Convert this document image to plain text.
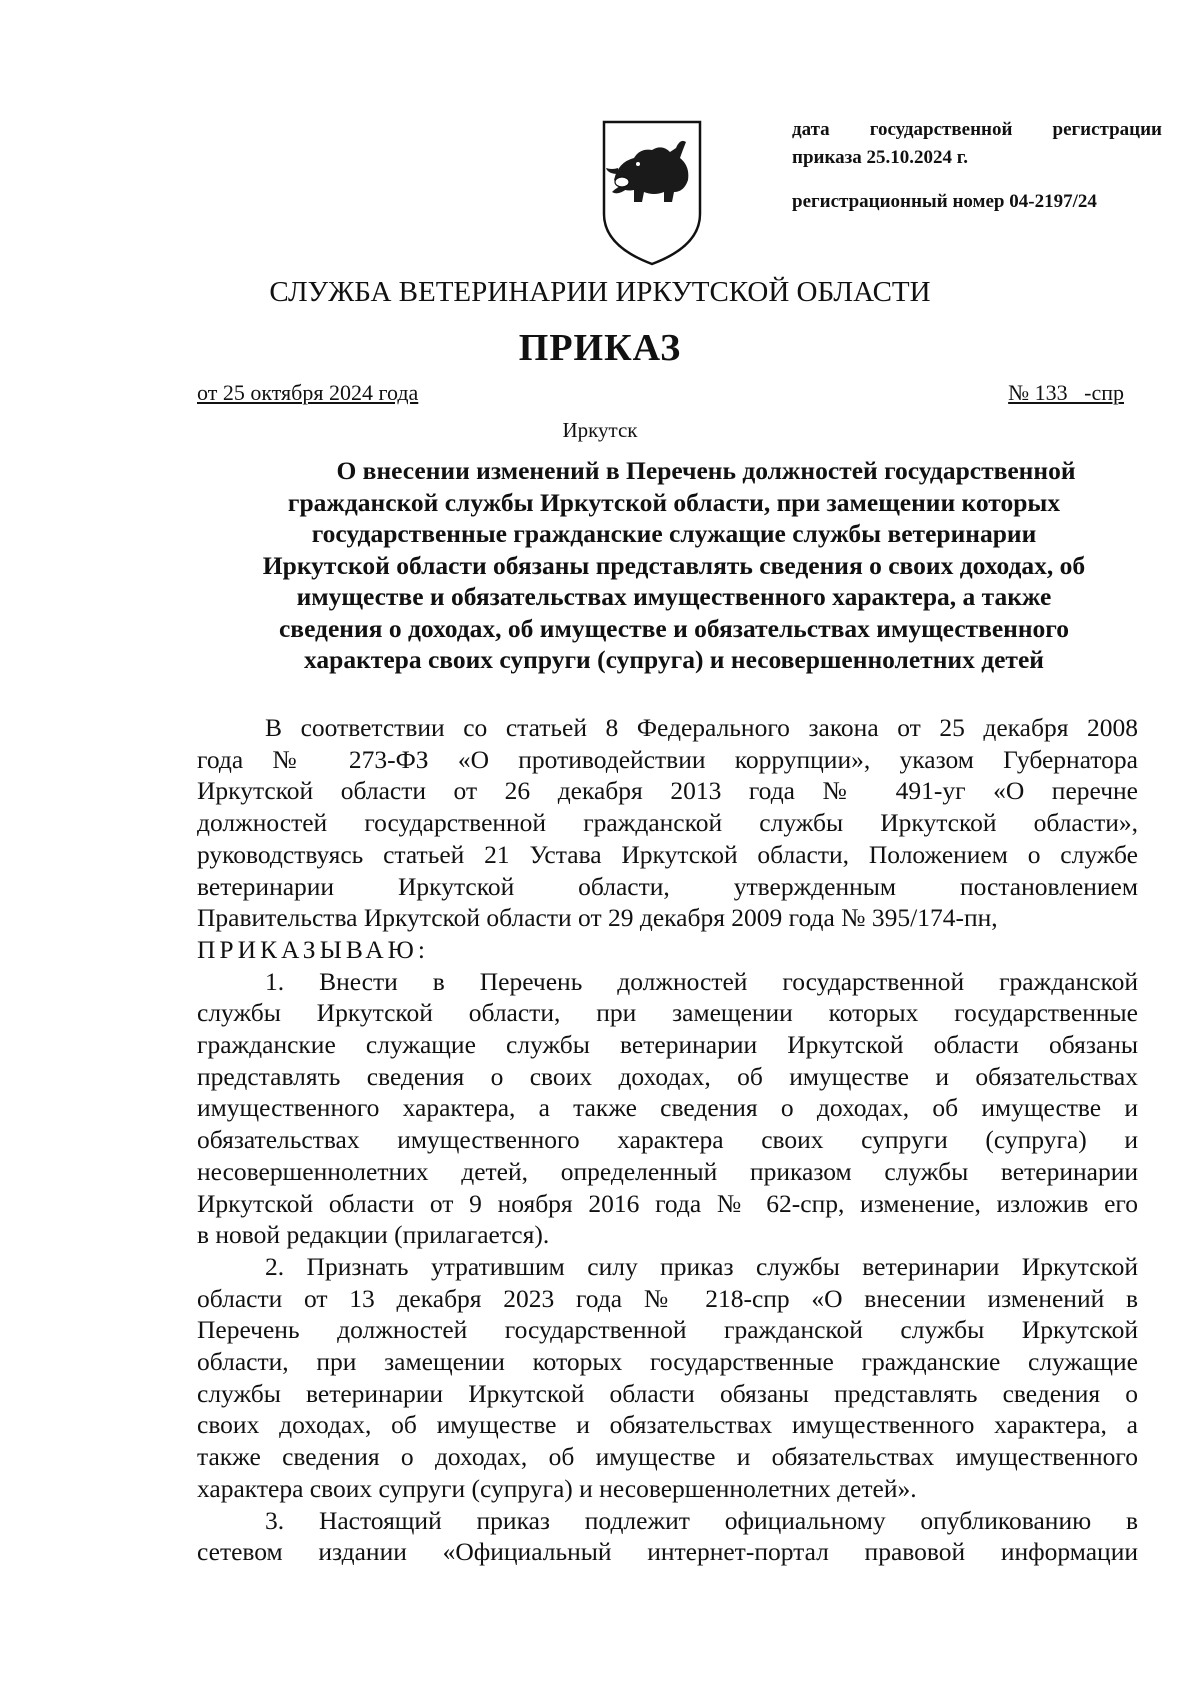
дата государственной регистрации
приказа 25.10.2024 г.
регистрационный номер 04-2197/24
СЛУЖБА ВЕТЕРИНАРИИ ИРКУТСКОЙ ОБЛАСТИ
ПРИКАЗ
от 25 октября 2024 года	№ 133   -спр
Иркутск
О внесении изменений в Перечень должностей государственной
гражданской службы Иркутской области, при замещении которых
государственные гражданские служащие службы ветеринарии
Иркутской области обязаны представлять сведения о своих доходах, об
имуществе и обязательствах имущественного характера, а также
сведения о доходах, об имуществе и обязательствах имущественного
характера своих супруги (супруга) и несовершеннолетних детей
В соответствии со статьей 8 Федерального закона от 25 декабря 2008
года № 273-ФЗ «О противодействии коррупции», указом Губернатора
Иркутской области от 26 декабря 2013 года № 491-уг «О перечне
должностей государственной гражданской службы Иркутской области»,
руководствуясь статьей 21 Устава Иркутской области, Положением о службе
ветеринарии Иркутской области, утвержденным постановлением
Правительства Иркутской области от 29 декабря 2009 года № 395/174-пн,
ПРИКАЗЫВАЮ:
1. Внести в Перечень должностей государственной гражданской
службы Иркутской области, при замещении которых государственные
гражданские служащие службы ветеринарии Иркутской области обязаны
представлять сведения о своих доходах, об имуществе и обязательствах
имущественного характера, а также сведения о доходах, об имуществе и
обязательствах имущественного характера своих супруги (супруга) и
несовершеннолетних детей, определенный приказом службы ветеринарии
Иркутской области от 9 ноября 2016 года № 62-спр, изменение, изложив его
в новой редакции (прилагается).
2. Признать утратившим силу приказ службы ветеринарии Иркутской
области от 13 декабря 2023 года № 218-спр «О внесении изменений в
Перечень должностей государственной гражданской службы Иркутской
области, при замещении которых государственные гражданские служащие
службы ветеринарии Иркутской области обязаны представлять сведения о
своих доходах, об имуществе и обязательствах имущественного характера, а
также сведения о доходах, об имуществе и обязательствах имущественного
характера своих супруги (супруга) и несовершеннолетних детей».
3. Настоящий приказ подлежит официальному опубликованию в
сетевом издании «Официальный интернет-портал правовой информации
